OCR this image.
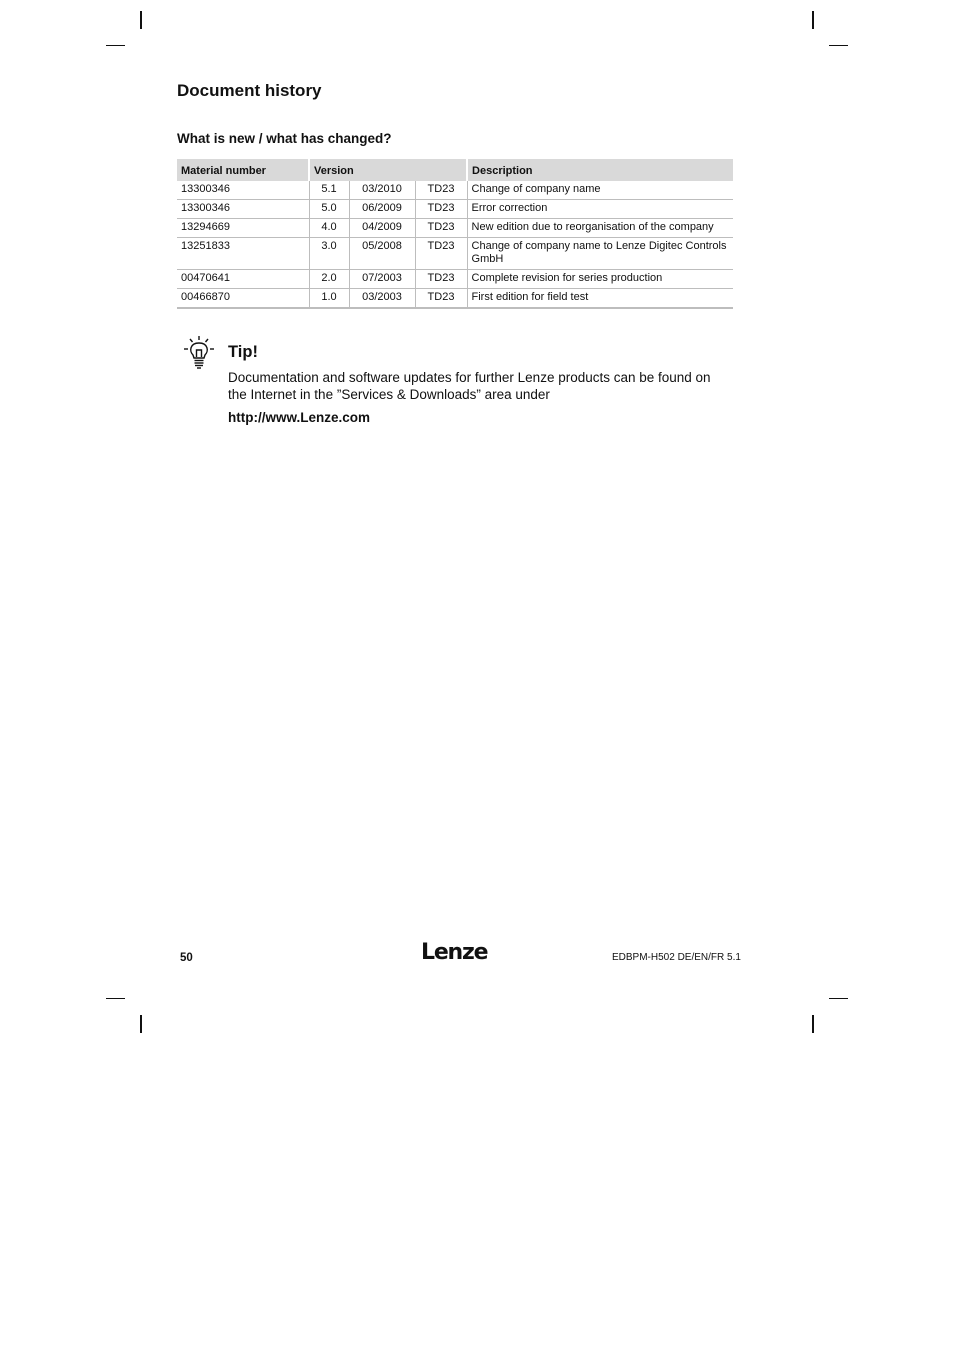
Document history
What is new / what has changed?
Material number	Version			Description
13300346	5.1	03/2010	TD23	Change of company name
13300346	5.0	06/2009	TD23	Error correction
13294669	4.0	04/2009	TD23	New edition due to reorganisation of the company
13251833	3.0	05/2008	TD23	Change of company name to Lenze Digitec Controls GmbH
00470641	2.0	07/2003	TD23	Complete revision for series production
00466870	1.0	03/2003	TD23	First edition for field test
Tip!

Documentation and software updates for further Lenze products can be found on the Internet in the ”Services & Downloads” area under

http://www.Lenze.com

50	Lenze	EDBPM-H502 DE/EN/FR 5.1
